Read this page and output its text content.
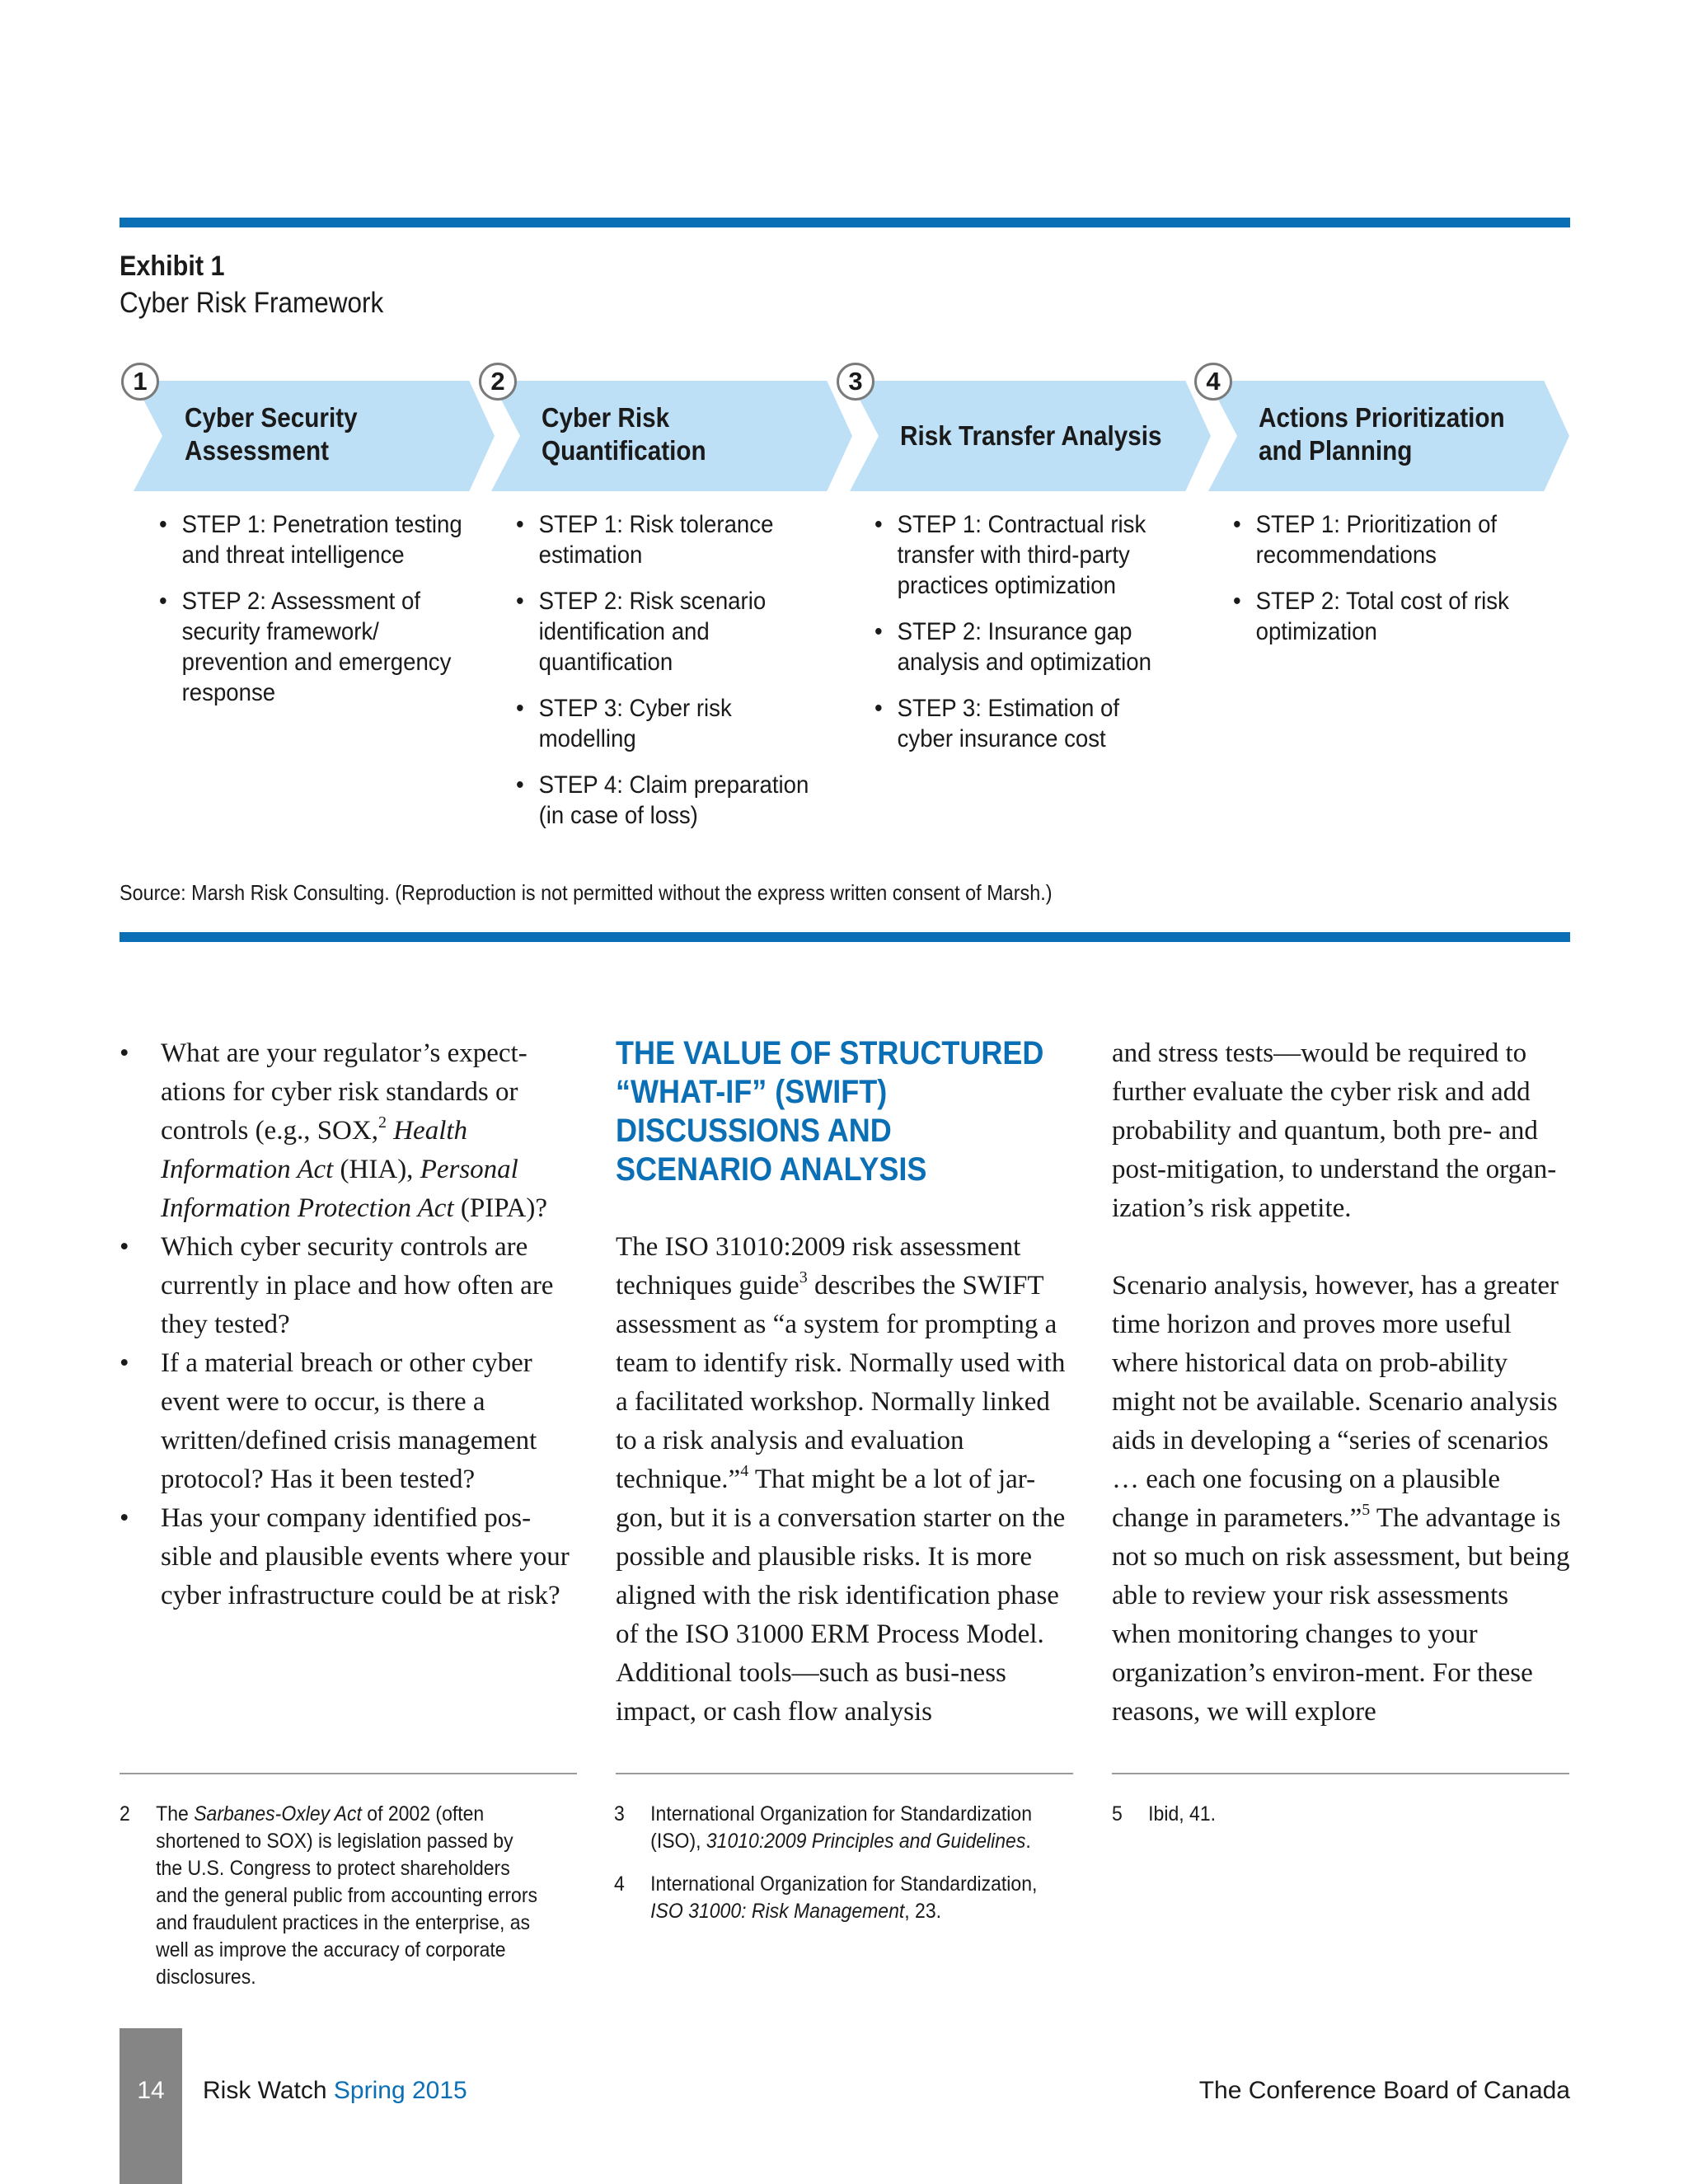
Exhibit 1
Cyber Risk Framework
1
Cyber Security
Assessment
• STEP 1: Penetration testing and threat intelligence
• STEP 2: Assessment of security framework/ prevention and emergency response
2
Cyber Risk
Quantification
• STEP 1: Risk tolerance estimation
• STEP 2: Risk scenario identification and quantification
• STEP 3: Cyber risk modelling
• STEP 4: Claim preparation (in case of loss)
3
Risk Transfer Analysis
• STEP 1: Contractual risk transfer with third-party practices optimization
• STEP 2: Insurance gap analysis and optimization
• STEP 3: Estimation of cyber insurance cost
4
Actions Prioritization
and Planning
• STEP 1: Prioritization of recommendations
• STEP 2: Total cost of risk optimization
Source: Marsh Risk Consulting. (Reproduction is not permitted without the express written consent of Marsh.)
• What are your regulator’s expect-ations for cyber risk standards or controls (e.g., SOX,$^2$ Health Information Act (HIA), Personal Information Protection Act (PIPA)?
• Which cyber security controls are currently in place and how often are they tested?
• If a material breach or other cyber event were to occur, is there a written/defined crisis management protocol? Has it been tested?
• Has your company identified pos-sible and plausible events where your cyber infrastructure could be at risk?
THE VALUE OF STRUCTURED
“WHAT-IF” (SWIFT)
DISCUSSIONS AND
SCENARIO ANALYSIS

The ISO 31010:2009 risk assessment techniques guide$^3$ describes the SWIFT assessment as “a system for prompting a team to identify risk. Normally used with a facilitated workshop. Normally linked to a risk analysis and evaluation technique.”$^4$ That might be a lot of jar-gon, but it is a conversation starter on the possible and plausible risks. It is more aligned with the risk identification phase of the ISO 31000 ERM Process Model. Additional tools—such as busi-ness impact, or cash flow analysis

and stress tests—would be required to further evaluate the cyber risk and add probability and quantum, both pre- and post-mitigation, to understand the organ-ization’s risk appetite.

Scenario analysis, however, has a greater time horizon and proves more useful where historical data on prob-ability might not be available. Scenario analysis aids in developing a “series of scenarios … each one focusing on a plausible change in parameters.”$^5$ The advantage is not so much on risk assessment, but being able to review your risk assessments when monitoring changes to your organization’s environ-ment. For these reasons, we will explore

2	The Sarbanes-Oxley Act of 2002 (often shortened to SOX) is legislation passed by the U.S. Congress to protect shareholders and the general public from accounting errors and fraudulent practices in the enterprise, as well as improve the accuracy of corporate disclosures.
3	International Organization for Standardization (ISO), 31010:2009 Principles and Guidelines.
4	International Organization for Standardization, ISO 31000: Risk Management, 23.
5	Ibid, 41.
14	Risk Watch Spring 2015	The Conference Board of Canada
